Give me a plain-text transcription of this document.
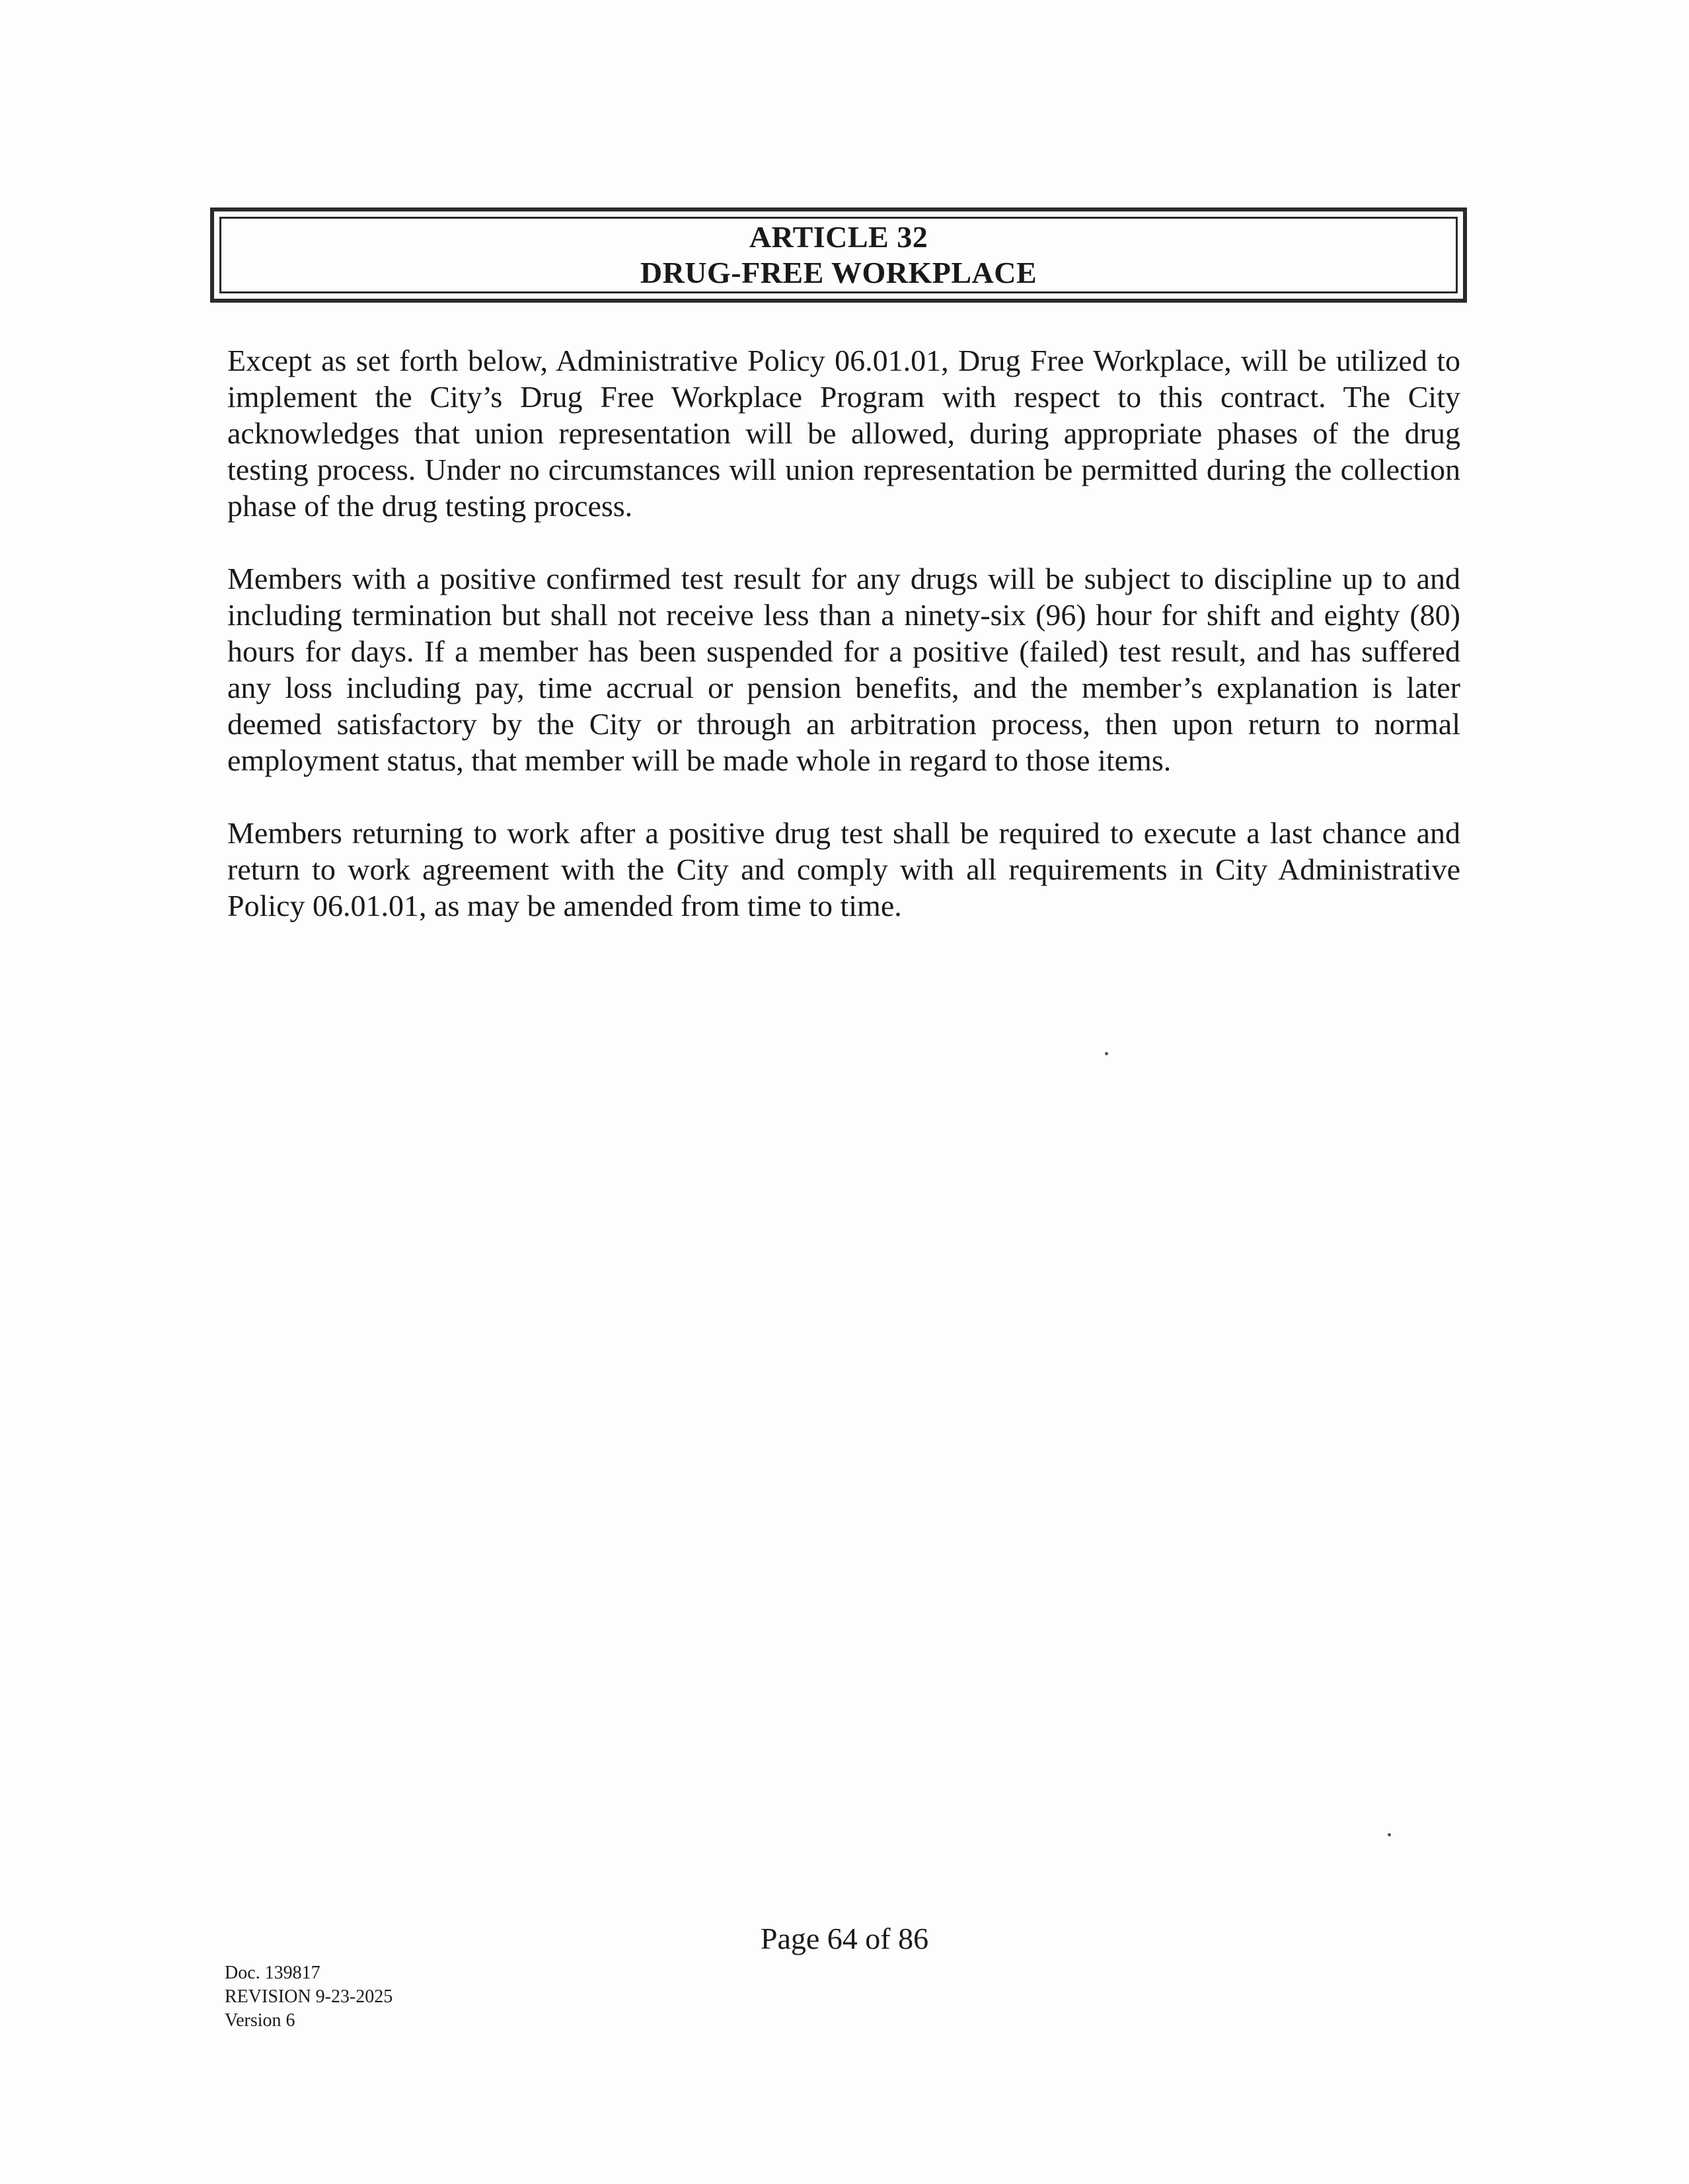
ARTICLE 32
DRUG-FREE WORKPLACE

Except as set forth below, Administrative Policy 06.01.01, Drug Free Workplace, will be utilized to implement the City’s Drug Free Workplace Program with respect to this contract. The City acknowledges that union representation will be allowed, during appropriate phases of the drug testing process. Under no circumstances will union representation be permitted during the collection phase of the drug testing process.

Members with a positive confirmed test result for any drugs will be subject to discipline up to and including termination but shall not receive less than a ninety-six (96) hour for shift and eighty (80) hours for days. If a member has been suspended for a positive (failed) test result, and has suffered any loss including pay, time accrual or pension benefits, and the member’s explanation is later deemed satisfactory by the City or through an arbitration process, then upon return to normal employment status, that member will be made whole in regard to those items.

Members returning to work after a positive drug test shall be required to execute a last chance and return to work agreement with the City and comply with all requirements in City Administrative Policy 06.01.01, as may be amended from time to time.

Page 64 of 86
Doc. 139817
REVISION 9-23-2025
Version 6
